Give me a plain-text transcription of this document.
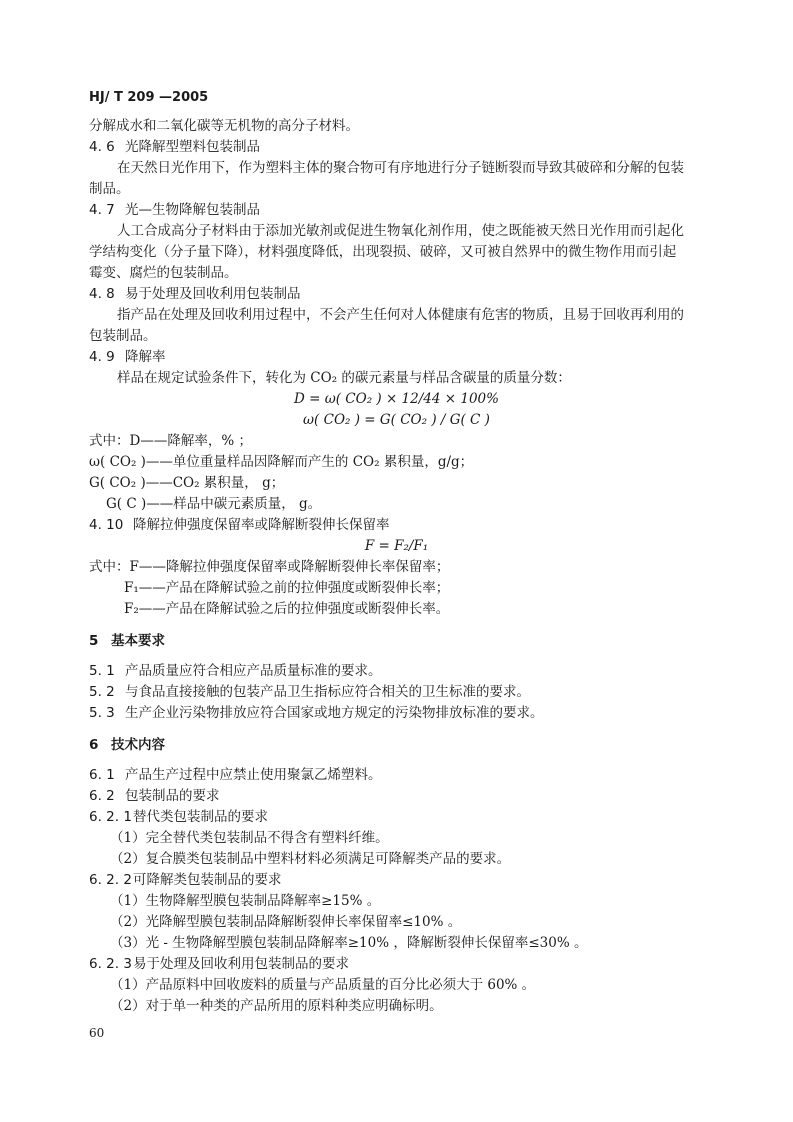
HJ/ T 209 —2005
分解成水和二氧化碳等无机物的高分子材料。
4. 6 光降解型塑料包装制品
在天然日光作用下，作为塑料主体的聚合物可有序地进行分子链断裂而导致其破碎和分解的包装
制品。
4. 7 光—生物降解包装制品
人工合成高分子材料由于添加光敏剂或促进生物氧化剂作用，使之既能被天然日光作用而引起化
学结构变化（分子量下降），材料强度降低，出现裂损、破碎，又可被自然界中的微生物作用而引起
霉变、腐烂的包装制品。
4. 8 易于处理及回收利用包装制品
指产品在处理及回收利用过程中，不会产生任何对人体健康有危害的物质，且易于回收再利用的
包装制品。
4. 9 降解率
样品在规定试验条件下，转化为 CO₂ 的碳元素量与样品含碳量的质量分数：
D = ω( CO₂ ) × 12/44 × 100%
ω( CO₂ ) = G( CO₂ ) / G( C )
式中：D——降解率，% ；
ω( CO₂ )——单位重量样品因降解而产生的 CO₂ 累积量，g/g；
G( CO₂ )——CO₂ 累积量， g；
G( C )——样品中碳元素质量， g。
4. 10 降解拉伸强度保留率或降解断裂伸长保留率
F = F₂/F₁
式中：F——降解拉伸强度保留率或降解断裂伸长率保留率；
F₁——产品在降解试验之前的拉伸强度或断裂伸长率；
F₂——产品在降解试验之后的拉伸强度或断裂伸长率。
5 基本要求
5. 1 产品质量应符合相应产品质量标准的要求。
5. 2 与食品直接接触的包装产品卫生指标应符合相关的卫生标准的要求。
5. 3 生产企业污染物排放应符合国家或地方规定的污染物排放标准的要求。
6 技术内容
6. 1 产品生产过程中应禁止使用聚氯乙烯塑料。
6. 2 包装制品的要求
6. 2. 1替代类包装制品的要求
（1）完全替代类包装制品不得含有塑料纤维。
（2）复合膜类包装制品中塑料材料必须满足可降解类产品的要求。
6. 2. 2可降解类包装制品的要求
（1）生物降解型膜包装制品降解率≥15% 。
（2）光降解型膜包装制品降解断裂伸长率保留率≤10% 。
（3）光 - 生物降解型膜包装制品降解率≥10% ，降解断裂伸长保留率≤30% 。
6. 2. 3易于处理及回收利用包装制品的要求
（1）产品原料中回收废料的质量与产品质量的百分比必须大于 60% 。
（2）对于单一种类的产品所用的原料种类应明确标明。
60
